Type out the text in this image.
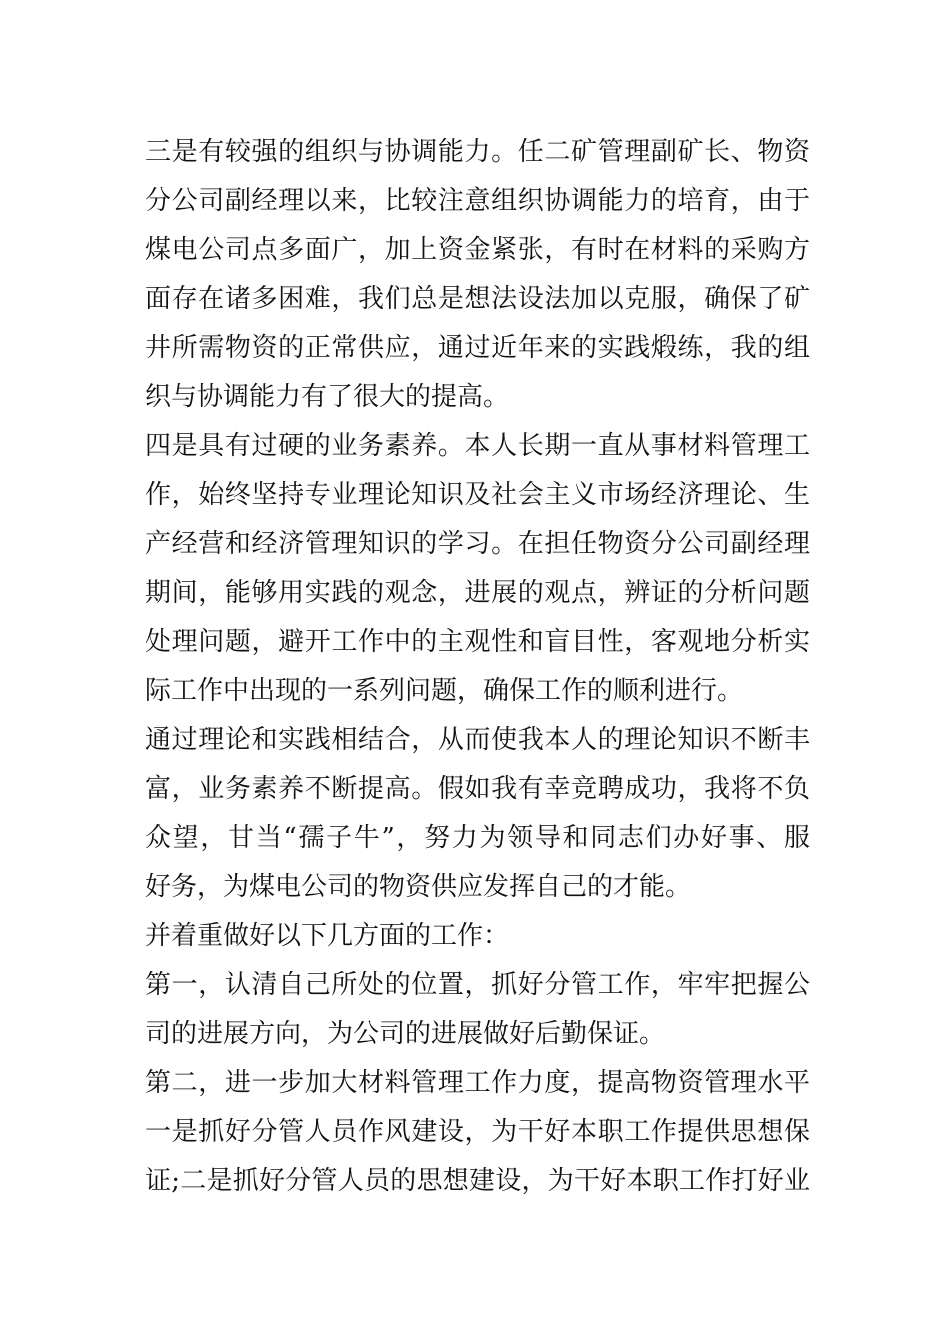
三是有较强的组织与协调能力。任二矿管理副矿长、物资
分公司副经理以来，比较注意组织协调能力的培育，由于
煤电公司点多面广，加上资金紧张，有时在材料的采购方
面存在诸多困难，我们总是想法设法加以克服，确保了矿
井所需物资的正常供应，通过近年来的实践煅练，我的组
织与协调能力有了很大的提高。
四是具有过硬的业务素养。本人长期一直从事材料管理工
作，始终坚持专业理论知识及社会主义市场经济理论、生
产经营和经济管理知识的学习。在担任物资分公司副经理
期间，能够用实践的观念，进展的观点，辨证的分析问题
处理问题，避开工作中的主观性和盲目性，客观地分析实
际工作中出现的一系列问题，确保工作的顺利进行。
通过理论和实践相结合，从而使我本人的理论知识不断丰
富，业务素养不断提高。假如我有幸竞聘成功，我将不负
众望，甘当“孺子牛”，努力为领导和同志们办好事、服
好务，为煤电公司的物资供应发挥自己的才能。
并着重做好以下几方面的工作：
第一，认清自己所处的位置，抓好分管工作，牢牢把握公
司的进展方向，为公司的进展做好后勤保证。
第二，进一步加大材料管理工作力度，提高物资管理水平
一是抓好分管人员作风建设，为干好本职工作提供思想保
证;二是抓好分管人员的思想建设，为干好本职工作打好业
